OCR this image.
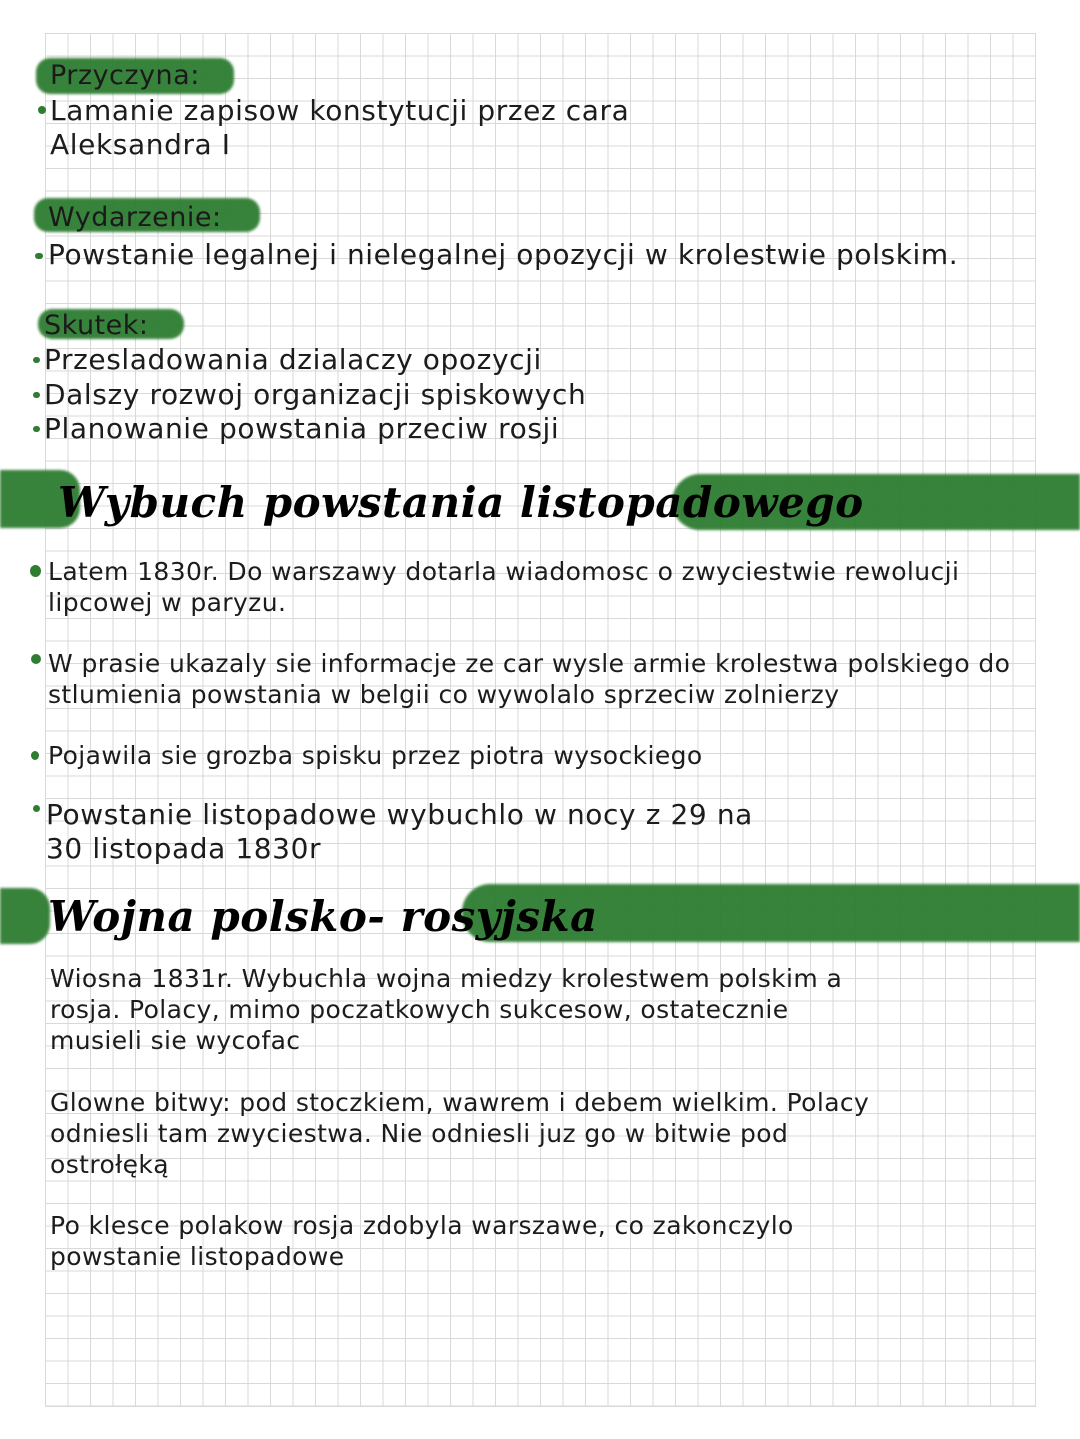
Przyczyna:
Lamanie zapisow konstytucji przez cara
Aleksandra I
Wydarzenie:
Powstanie legalnej i nielegalnej opozycji w krolestwie polskim.
Skutek:
Przesladowania dzialaczy opozycji
Dalszy rozwoj organizacji spiskowych
Planowanie powstania przeciw rosji
Wybuch powstania listopadowego
Latem 1830r. Do warszawy dotarla wiadomosc o zwyciestwie rewolucji
lipcowej w paryzu.
W prasie ukazaly sie informacje ze car wysle armie krolestwa polskiego do
stlumienia powstania w belgii co wywolalo sprzeciw zolnierzy
Pojawila sie grozba spisku przez piotra wysockiego
Powstanie listopadowe wybuchlo w nocy z 29 na
30 listopada 1830r
Wojna polsko- rosyjska
Wiosna 1831r. Wybuchla wojna miedzy krolestwem polskim a
rosja. Polacy, mimo poczatkowych sukcesow, ostatecznie
musieli sie wycofac
Glowne bitwy: pod stoczkiem, wawrem i debem wielkim. Polacy
odniesli tam zwyciestwa. Nie odniesli juz go w bitwie pod
ostrołęką
Po klesce polakow rosja zdobyla warszawe, co zakonczylo
powstanie listopadowe
